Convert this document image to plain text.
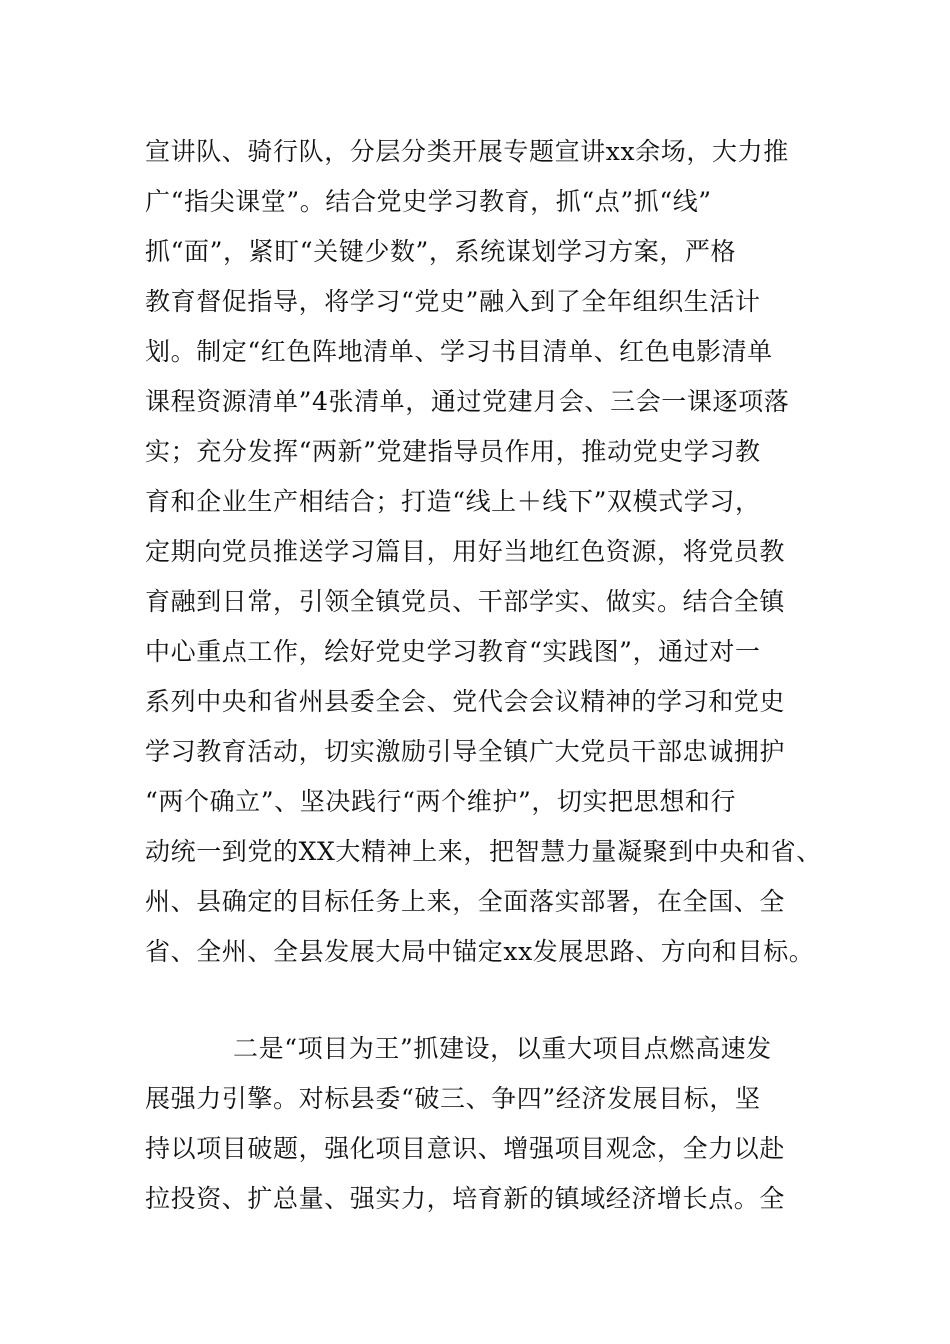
宣讲队、骑行队，分层分类开展专题宣讲xx余场，大力推
广“指尖课堂”。结合党史学习教育，抓“点”抓“线”
抓“面”，紧盯“关键少数”，系统谋划学习方案，严格
教育督促指导，将学习“党史”融入到了全年组织生活计
划。制定“红色阵地清单、学习书目清单、红色电影清单
课程资源清单”4张清单，通过党建月会、三会一课逐项落
实；充分发挥“两新”党建指导员作用，推动党史学习教
育和企业生产相结合；打造“线上＋线下”双模式学习，
定期向党员推送学习篇目，用好当地红色资源，将党员教
育融到日常，引领全镇党员、干部学实、做实。结合全镇
中心重点工作，绘好党史学习教育“实践图”，通过对一
系列中央和省州县委全会、党代会会议精神的学习和党史
学习教育活动，切实激励引导全镇广大党员干部忠诚拥护
“两个确立”、坚决践行“两个维护”，切实把思想和行
动统一到党的XX大精神上来，把智慧力量凝聚到中央和省、
州、县确定的目标任务上来，全面落实部署，在全国、全
省、全州、全县发展大局中锚定xx发展思路、方向和目标。
二是“项目为王”抓建设，以重大项目点燃高速发
展强力引擎。对标县委“破三、争四”经济发展目标，坚
持以项目破题，强化项目意识、增强项目观念，全力以赴
拉投资、扩总量、强实力，培育新的镇域经济增长点。全
